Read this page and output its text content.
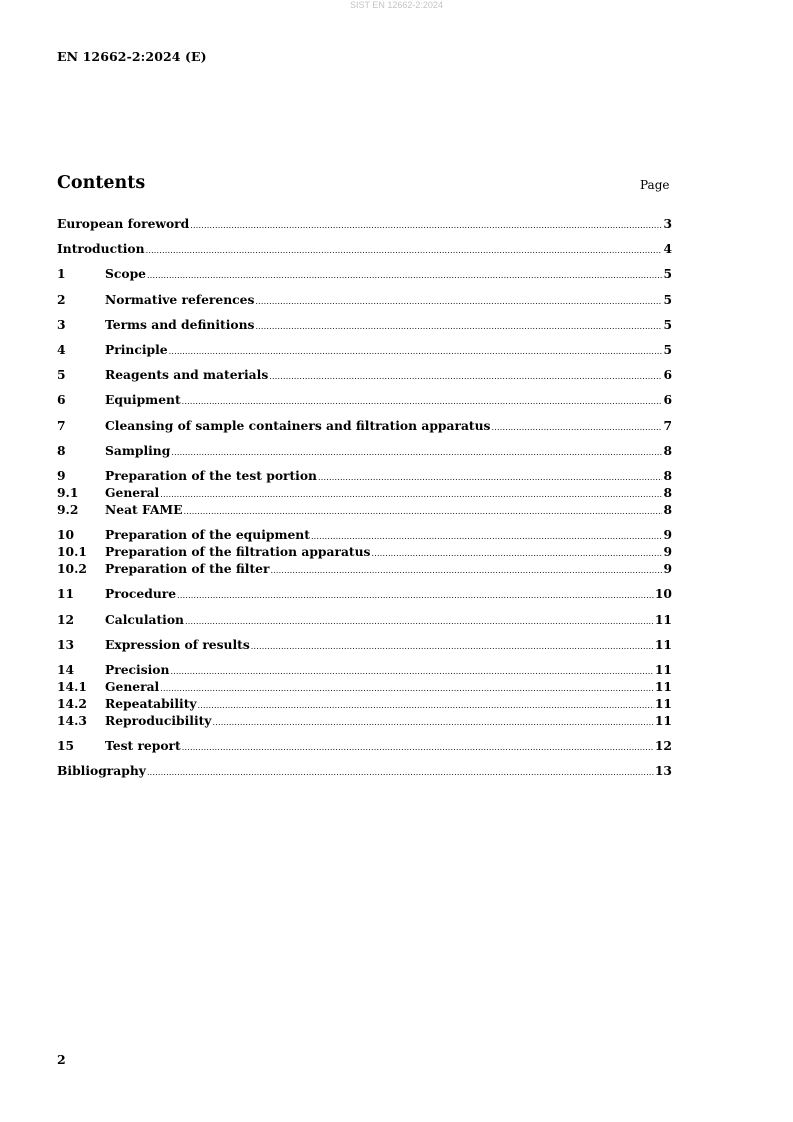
SIST EN 12662-2:2024
EN 12662-2:2024 (E)
Contents	Page
European foreword .....	3
Introduction .....	4
1	Scope .....	5
2	Normative references .....	5
3	Terms and definitions .....	5
4	Principle .....	5
5	Reagents and materials .....	6
6	Equipment .....	6
7	Cleansing of sample containers and filtration apparatus .....	7
8	Sampling .....	8
9	Preparation of the test portion .....	8
9.1	General .....	8
9.2	Neat FAME .....	8
10	Preparation of the equipment .....	9
10.1	Preparation of the filtration apparatus .....	9
10.2	Preparation of the filter .....	9
11	Procedure .....	10
12	Calculation .....	11
13	Expression of results .....	11
14	Precision .....	11
14.1	General .....	11
14.2	Repeatability .....	11
14.3	Reproducibility .....	11
15	Test report .....	12
Bibliography .....	13
2
